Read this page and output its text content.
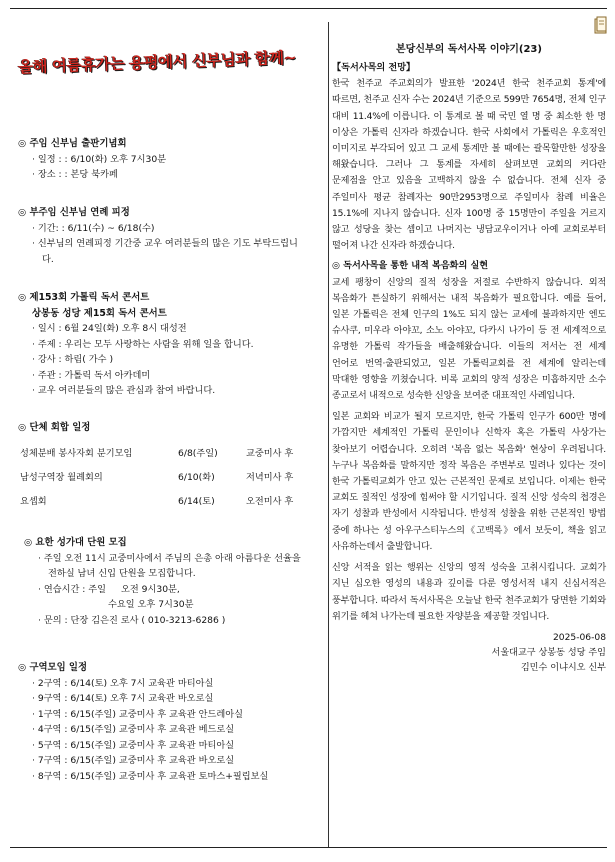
올해 여름휴가는 용평에서 신부님과 함께~
◎ 주임 신부님 출판기념회
· 일정 : : 6/10(화) 오후 7시30분
· 장소 : : 본당 북카페
◎ 부주임 신부님 연례 피정
· 기간: : 6/11(수) ~ 6/18(수)
· 신부님의 연례피정 기간중 교우 여러분들의 많은 기도 부탁드립니다.
◎ 제153회 가톨릭 독서 콘서트
상봉동 성당 제15회 독서 콘서트
· 일시 : 6월 24일(화) 오후 8시 대성전
· 주제 : 우리는 모두 사랑하는 사람을 위해 일을 합니다.
· 강사 : 하림( 가수 )
· 주관 : 가톨릭 독서 아카데미
· 교우 여러분들의 많은 관심과 참여 바랍니다.
◎ 단체 회합 일정
성체분배 봉사자회 분기모임	6/8(주일)	교중미사 후
남성구역장 월례회의	6/10(화)	저녁미사 후
요셉회	6/14(토)	오전미사 후
◎ 요한 성가대 단원 모집
· 주일 오전 11시 교중미사에서 주님의 은총 아래 아름다운 선율을 전하실 남녀 신입 단원을 모집합니다.
· 연습시간 : 주일 오전 9시30분,
수요일 오후 7시30분
· 문의 : 단장 김은진 로사 ( 010-3213-6286 )
◎ 구역모임 일정
· 2구역 : 6/14(토) 오후 7시 교육관 마티아실
· 9구역 : 6/14(토) 오후 7시 교육관 바오로실
· 1구역 : 6/15(주일) 교중미사 후 교육관 안드레아실
· 4구역 : 6/15(주일) 교중미사 후 교육관 베드로실
· 5구역 : 6/15(주일) 교중미사 후 교육관 마티아실
· 7구역 : 6/15(주일) 교중미사 후 교육관 바오로실
· 8구역 : 6/15(주일) 교중미사 후 교육관 토마스+필립보실
본당신부의 독서사목 이야기(23)
【독서사목의 전망】
한국 천주교 주교회의가 발표한 '2024년 한국 천주교회 통계'에 따르면, 천주교 신자 수는 2024년 기준으로 599만 7654명, 전체 인구 대비 11.4%에 이릅니다. 이 통계로 볼 때 국민 열 명 중 최소한 한 명 이상은 가톨릭 신자라 하겠습니다. 한국 사회에서 가톨릭은 우호적인 이미지로 부각되어 있고 그 교세 통계만 볼 때에는 괄목할만한 성장을 해왔습니다. 그러나 그 통계를 자세히 살펴보면 교회의 커다란 문제점을 안고 있음을 고백하지 않을 수 없습니다. 전체 신자 중 주일미사 평균 참례자는 90만2953명으로 주일미사 참례 비율은 15.1%에 지나지 않습니다. 신자 100명 중 15명만이 주일을 거르지 않고 성당을 찾는 셈이고 나머지는 냉담교우이거나 아예 교회로부터 떨어져 나간 신자라 하겠습니다.
◎ 독서사목을 통한 내적 복음화의 실현
교세 팽창이 신앙의 질적 성장을 저절로 수반하지 않습니다. 외적 복음화가 튼실하기 위해서는 내적 복음화가 필요합니다. 예를 들어, 일본 가톨릭은 전체 인구의 1%도 되지 않는 교세에 불과하지만 엔도 슈사쿠, 미우라 아야꼬, 소노 아야꼬, 다카시 나가이 등 전 세계적으로 유명한 가톨릭 작가들을 배출해왔습니다. 이들의 저서는 전 세계 언어로 번역·출판되었고, 일본 가톨릭교회를 전 세계에 알리는데 막대한 영향을 끼쳤습니다. 비록 교회의 양적 성장은 미흡하지만 소수 종교로서 내적으로 성숙한 신앙을 보여준 대표적인 사례입니다.
일본 교회와 비교가 될지 모르지만, 한국 가톨릭 인구가 600만 명에 가깝지만 세계적인 가톨릭 문인이나 신학자 혹은 가톨릭 사상가는 찾아보기 어렵습니다. 오히려 '복음 없는 복음화' 현상이 우려됩니다. 누구나 복음화를 말하지만 정작 복음은 주변부로 밀려나 있다는 것이 한국 가톨릭교회가 안고 있는 근본적인 문제로 보입니다. 이제는 한국 교회도 질적인 성장에 힘써야 할 시기입니다. 질적 신앙 성숙의 첩경은 자기 성찰과 반성에서 시작됩니다. 반성적 성찰을 위한 근본적인 방법 중에 하나는 성 아우구스티누스의《고백록》에서 보듯이, 책을 읽고 사유하는데서 출발합니다.
신앙 서적을 읽는 행위는 신앙의 영적 성숙을 고취시킵니다. 교회가 지닌 심오한 영성의 내용과 깊이를 다룬 영성서적 내지 신심서적은 풍부합니다. 따라서 독서사목은 오늘날 한국 천주교회가 당면한 기회와 위기를 헤쳐 나가는데 필요한 자양분을 제공할 것입니다.
2025-06-08
서울대교구 상봉동 성당 주임
김민수 이냐시오 신부
